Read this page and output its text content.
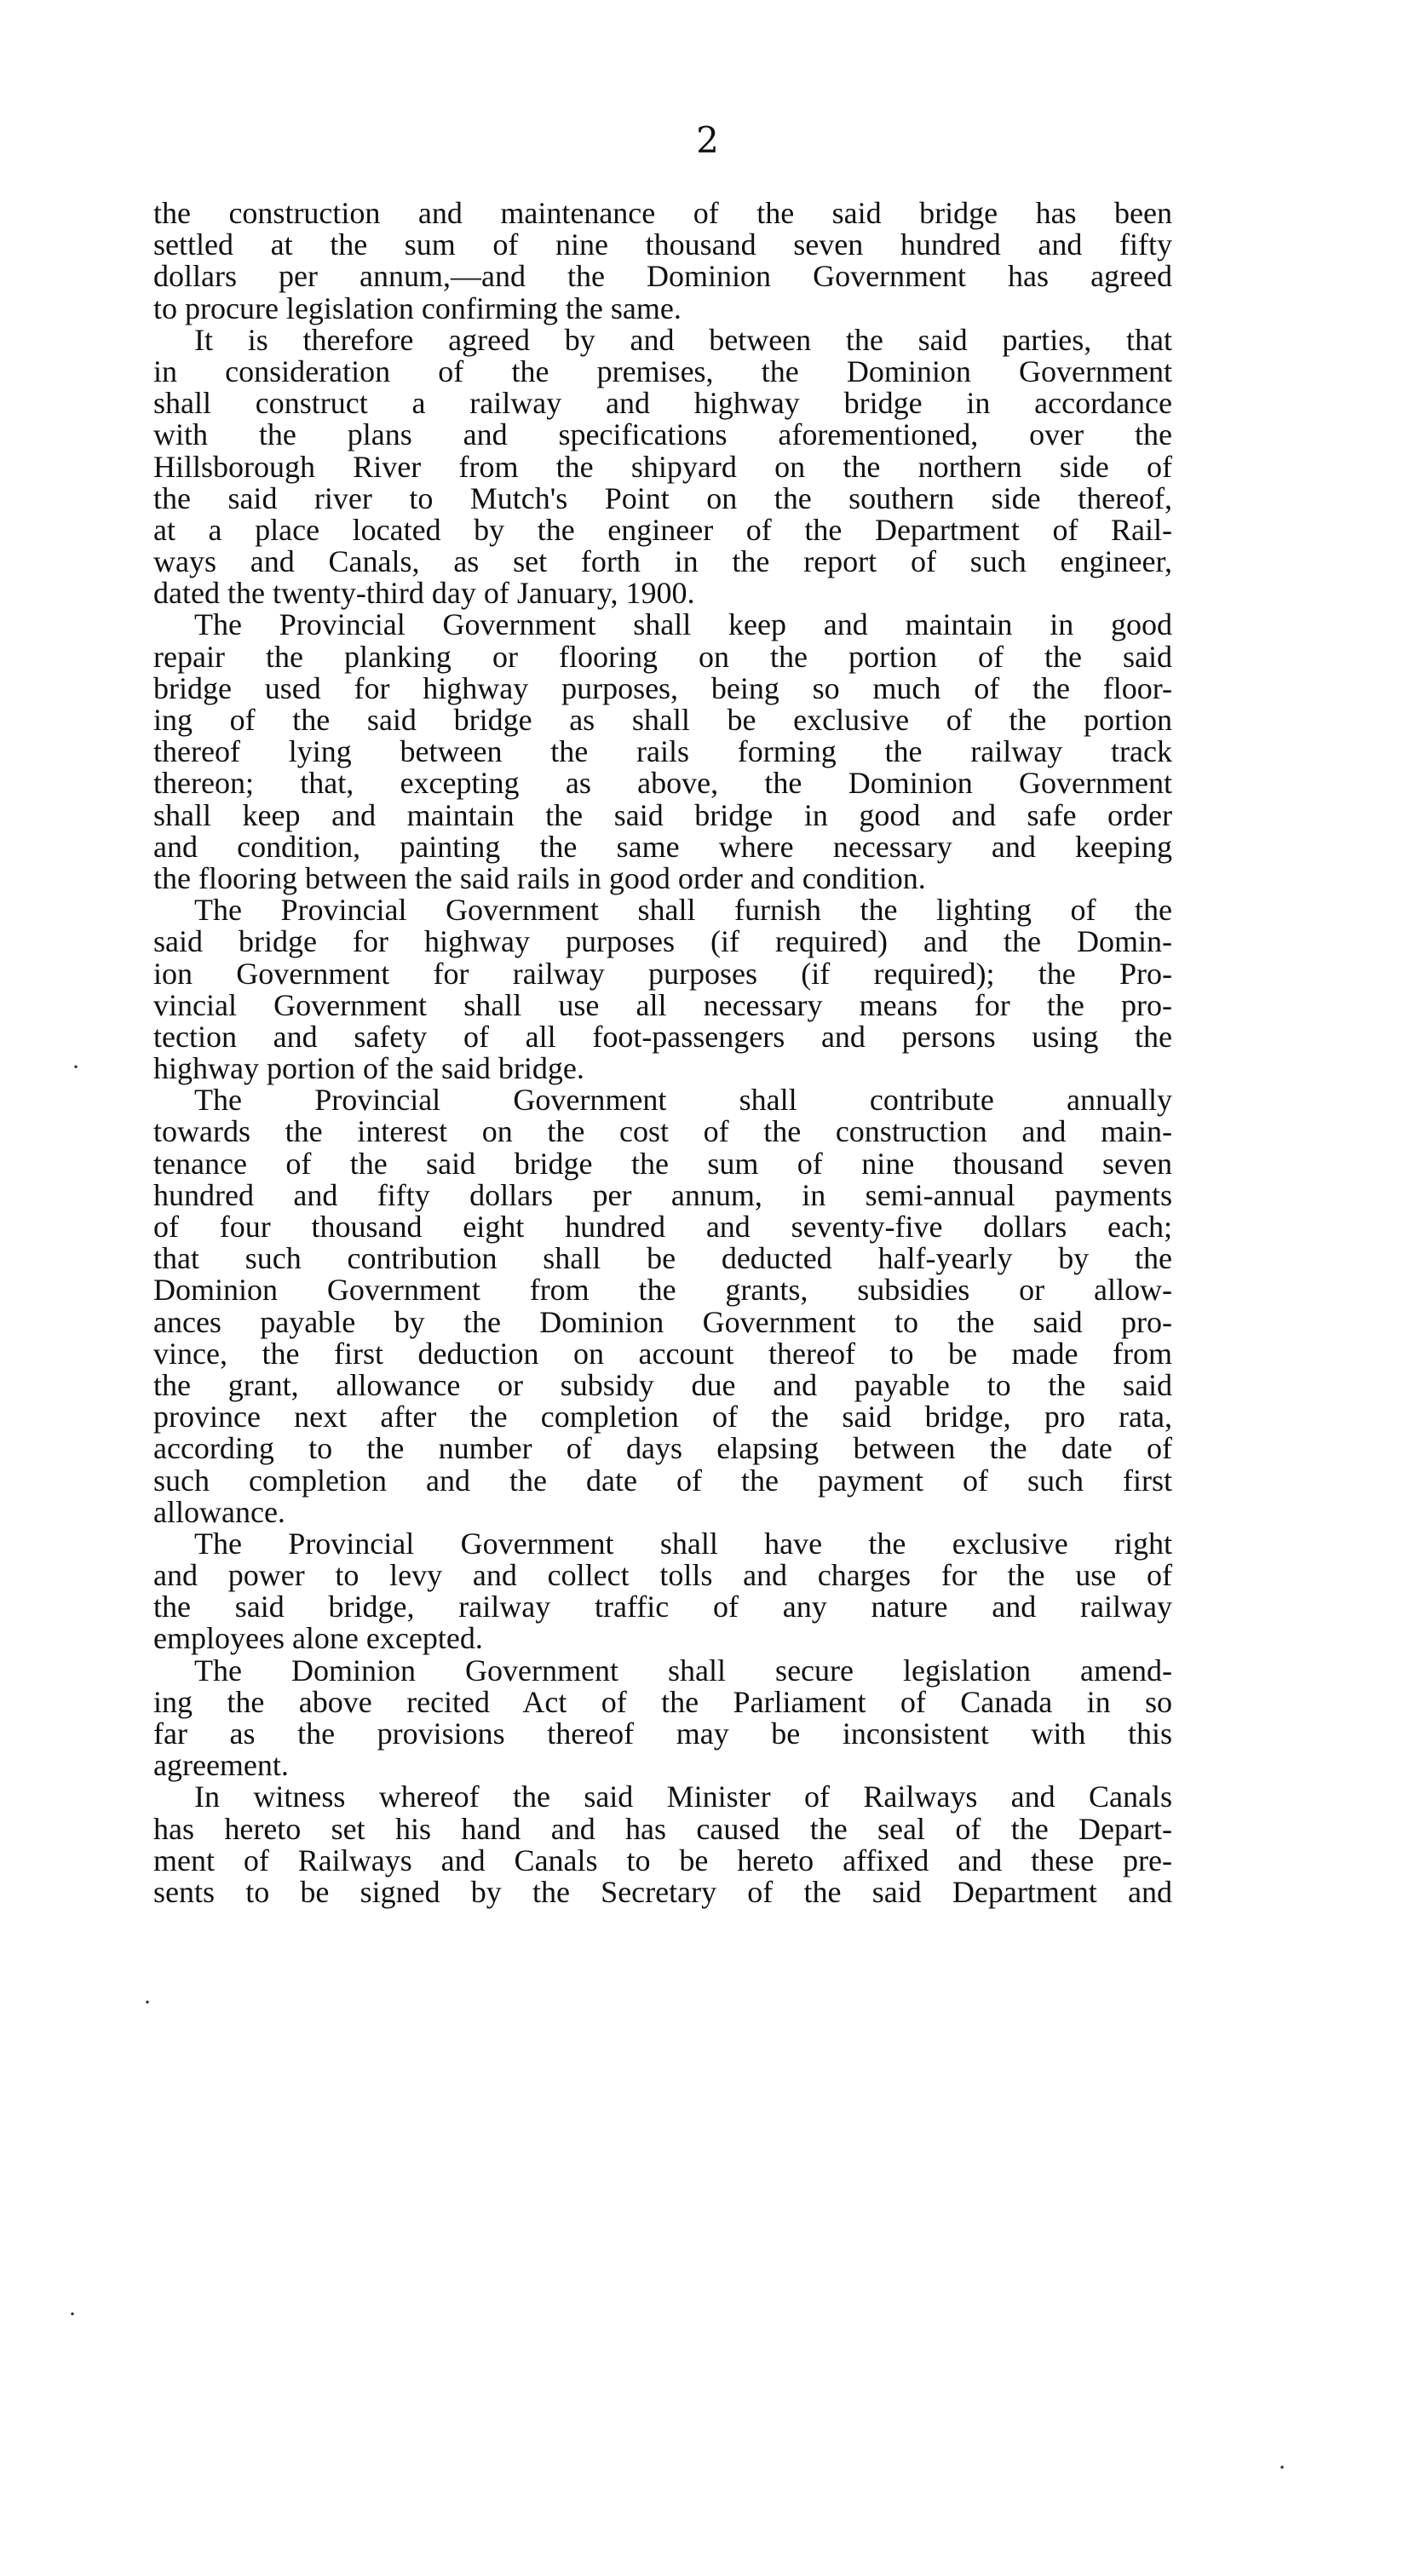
2
the construction and maintenance of the said bridge has been
settled at the sum of nine thousand seven hundred and fifty
dollars per annum,—and the Dominion Government has agreed
to procure legislation confirming the same.
It is therefore agreed by and between the said parties, that
in consideration of the premises, the Dominion Government
shall construct a railway and highway bridge in accordance
with the plans and specifications aforementioned, over the
Hillsborough River from the shipyard on the northern side of
the said river to Mutch's Point on the southern side thereof,
at a place located by the engineer of the Department of Rail-
ways and Canals, as set forth in the report of such engineer,
dated the twenty-third day of January, 1900.
The Provincial Government shall keep and maintain in good
repair the planking or flooring on the portion of the said
bridge used for highway purposes, being so much of the floor-
ing of the said bridge as shall be exclusive of the portion
thereof lying between the rails forming the railway track
thereon; that, excepting as above, the Dominion Government
shall keep and maintain the said bridge in good and safe order
and condition, painting the same where necessary and keeping
the flooring between the said rails in good order and condition.
The Provincial Government shall furnish the lighting of the
said bridge for highway purposes (if required) and the Domin-
ion Government for railway purposes (if required); the Pro-
vincial Government shall use all necessary means for the pro-
tection and safety of all foot-passengers and persons using the
highway portion of the said bridge.
The Provincial Government shall contribute annually
towards the interest on the cost of the construction and main-
tenance of the said bridge the sum of nine thousand seven
hundred and fifty dollars per annum, in semi-annual payments
of four thousand eight hundred and seventy-five dollars each;
that such contribution shall be deducted half-yearly by the
Dominion Government from the grants, subsidies or allow-
ances payable by the Dominion Government to the said pro-
vince, the first deduction on account thereof to be made from
the grant, allowance or subsidy due and payable to the said
province next after the completion of the said bridge, pro rata,
according to the number of days elapsing between the date of
such completion and the date of the payment of such first
allowance.
The Provincial Government shall have the exclusive right
and power to levy and collect tolls and charges for the use of
the said bridge, railway traffic of any nature and railway
employees alone excepted.
The Dominion Government shall secure legislation amend-
ing the above recited Act of the Parliament of Canada in so
far as the provisions thereof may be inconsistent with this
agreement.
In witness whereof the said Minister of Railways and Canals
has hereto set his hand and has caused the seal of the Depart-
ment of Railways and Canals to be hereto affixed and these pre-
sents to be signed by the Secretary of the said Department and
·
·
·
·
